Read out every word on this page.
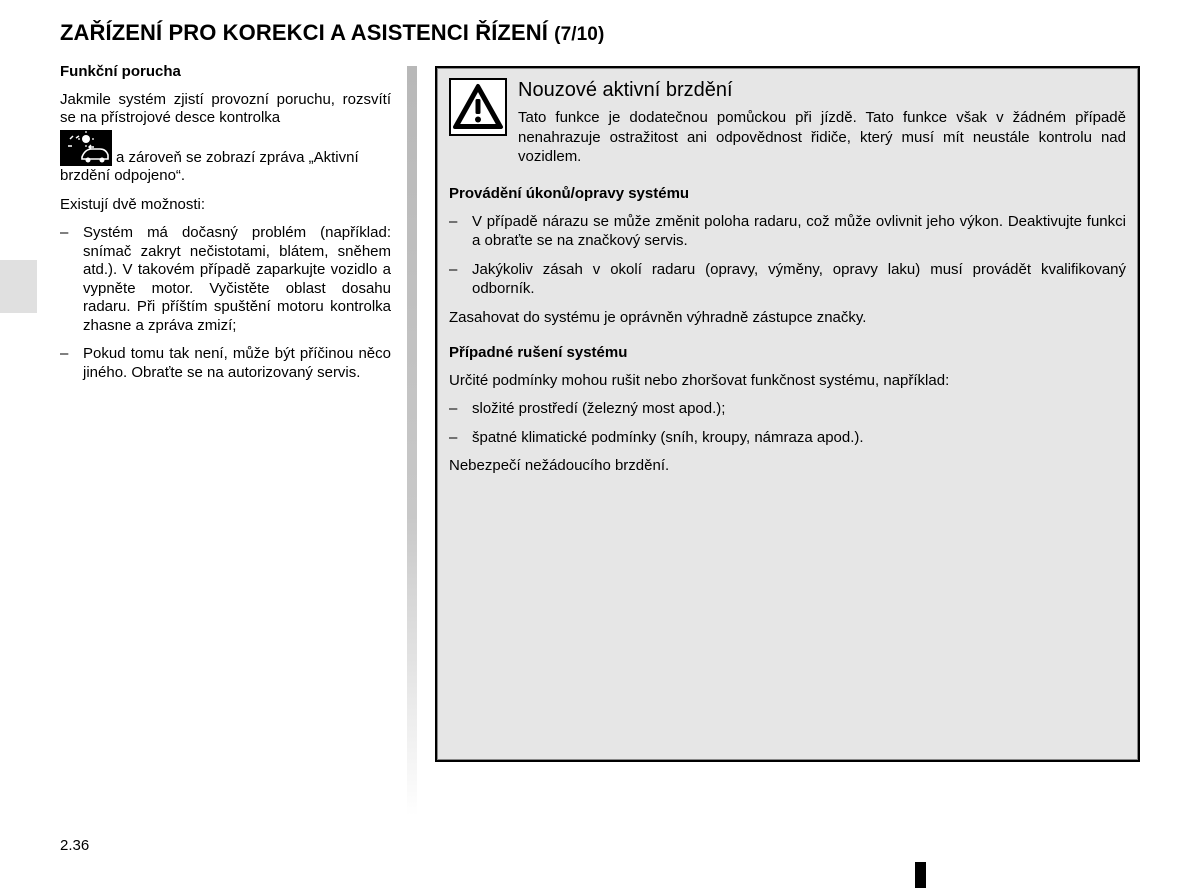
ZAŘÍZENÍ PRO KOREKCI A ASISTENCI ŘÍZENÍ (7/10)

Funkční porucha

Jakmile systém zjistí provozní poruchu, rozsvítí se na přístrojové desce kontrolka

a zároveň se zobrazí zpráva „Aktivní brzdění odpojeno“.

Existují dvě možnosti:

– Systém má dočasný problém (například: snímač zakryt nečistotami, blátem, sněhem atd.). V takovém případě zaparkujte vozidlo a vypněte motor. Vyčistěte oblast dosahu radaru. Při příštím spuštění motoru kontrolka zhasne a zpráva zmizí;
– Pokud tomu tak není, může být příčinou něco jiného. Obraťte se na autorizovaný servis.
Nouzové aktivní brzdění
Tato funkce je dodatečnou pomůckou při jízdě. Tato funkce však v žádném případě nenahrazuje ostražitost ani odpovědnost řidiče, který musí mít neustále kontrolu nad vozidlem.

Provádění úkonů/opravy systému

– V případě nárazu se může změnit poloha radaru, což může ovlivnit jeho výkon. Deaktivujte funkci a obraťte se na značkový servis.
– Jakýkoliv zásah v okolí radaru (opravy, výměny, opravy laku) musí provádět kvalifikovaný odborník.

Zasahovat do systému je oprávněn výhradně zástupce značky.

Případné rušení systému

Určité podmínky mohou rušit nebo zhoršovat funkčnost systému, například:

– složité prostředí (železný most apod.);
– špatné klimatické podmínky (sníh, kroupy, námraza apod.).

Nebezpečí nežádoucího brzdění.

2.36
